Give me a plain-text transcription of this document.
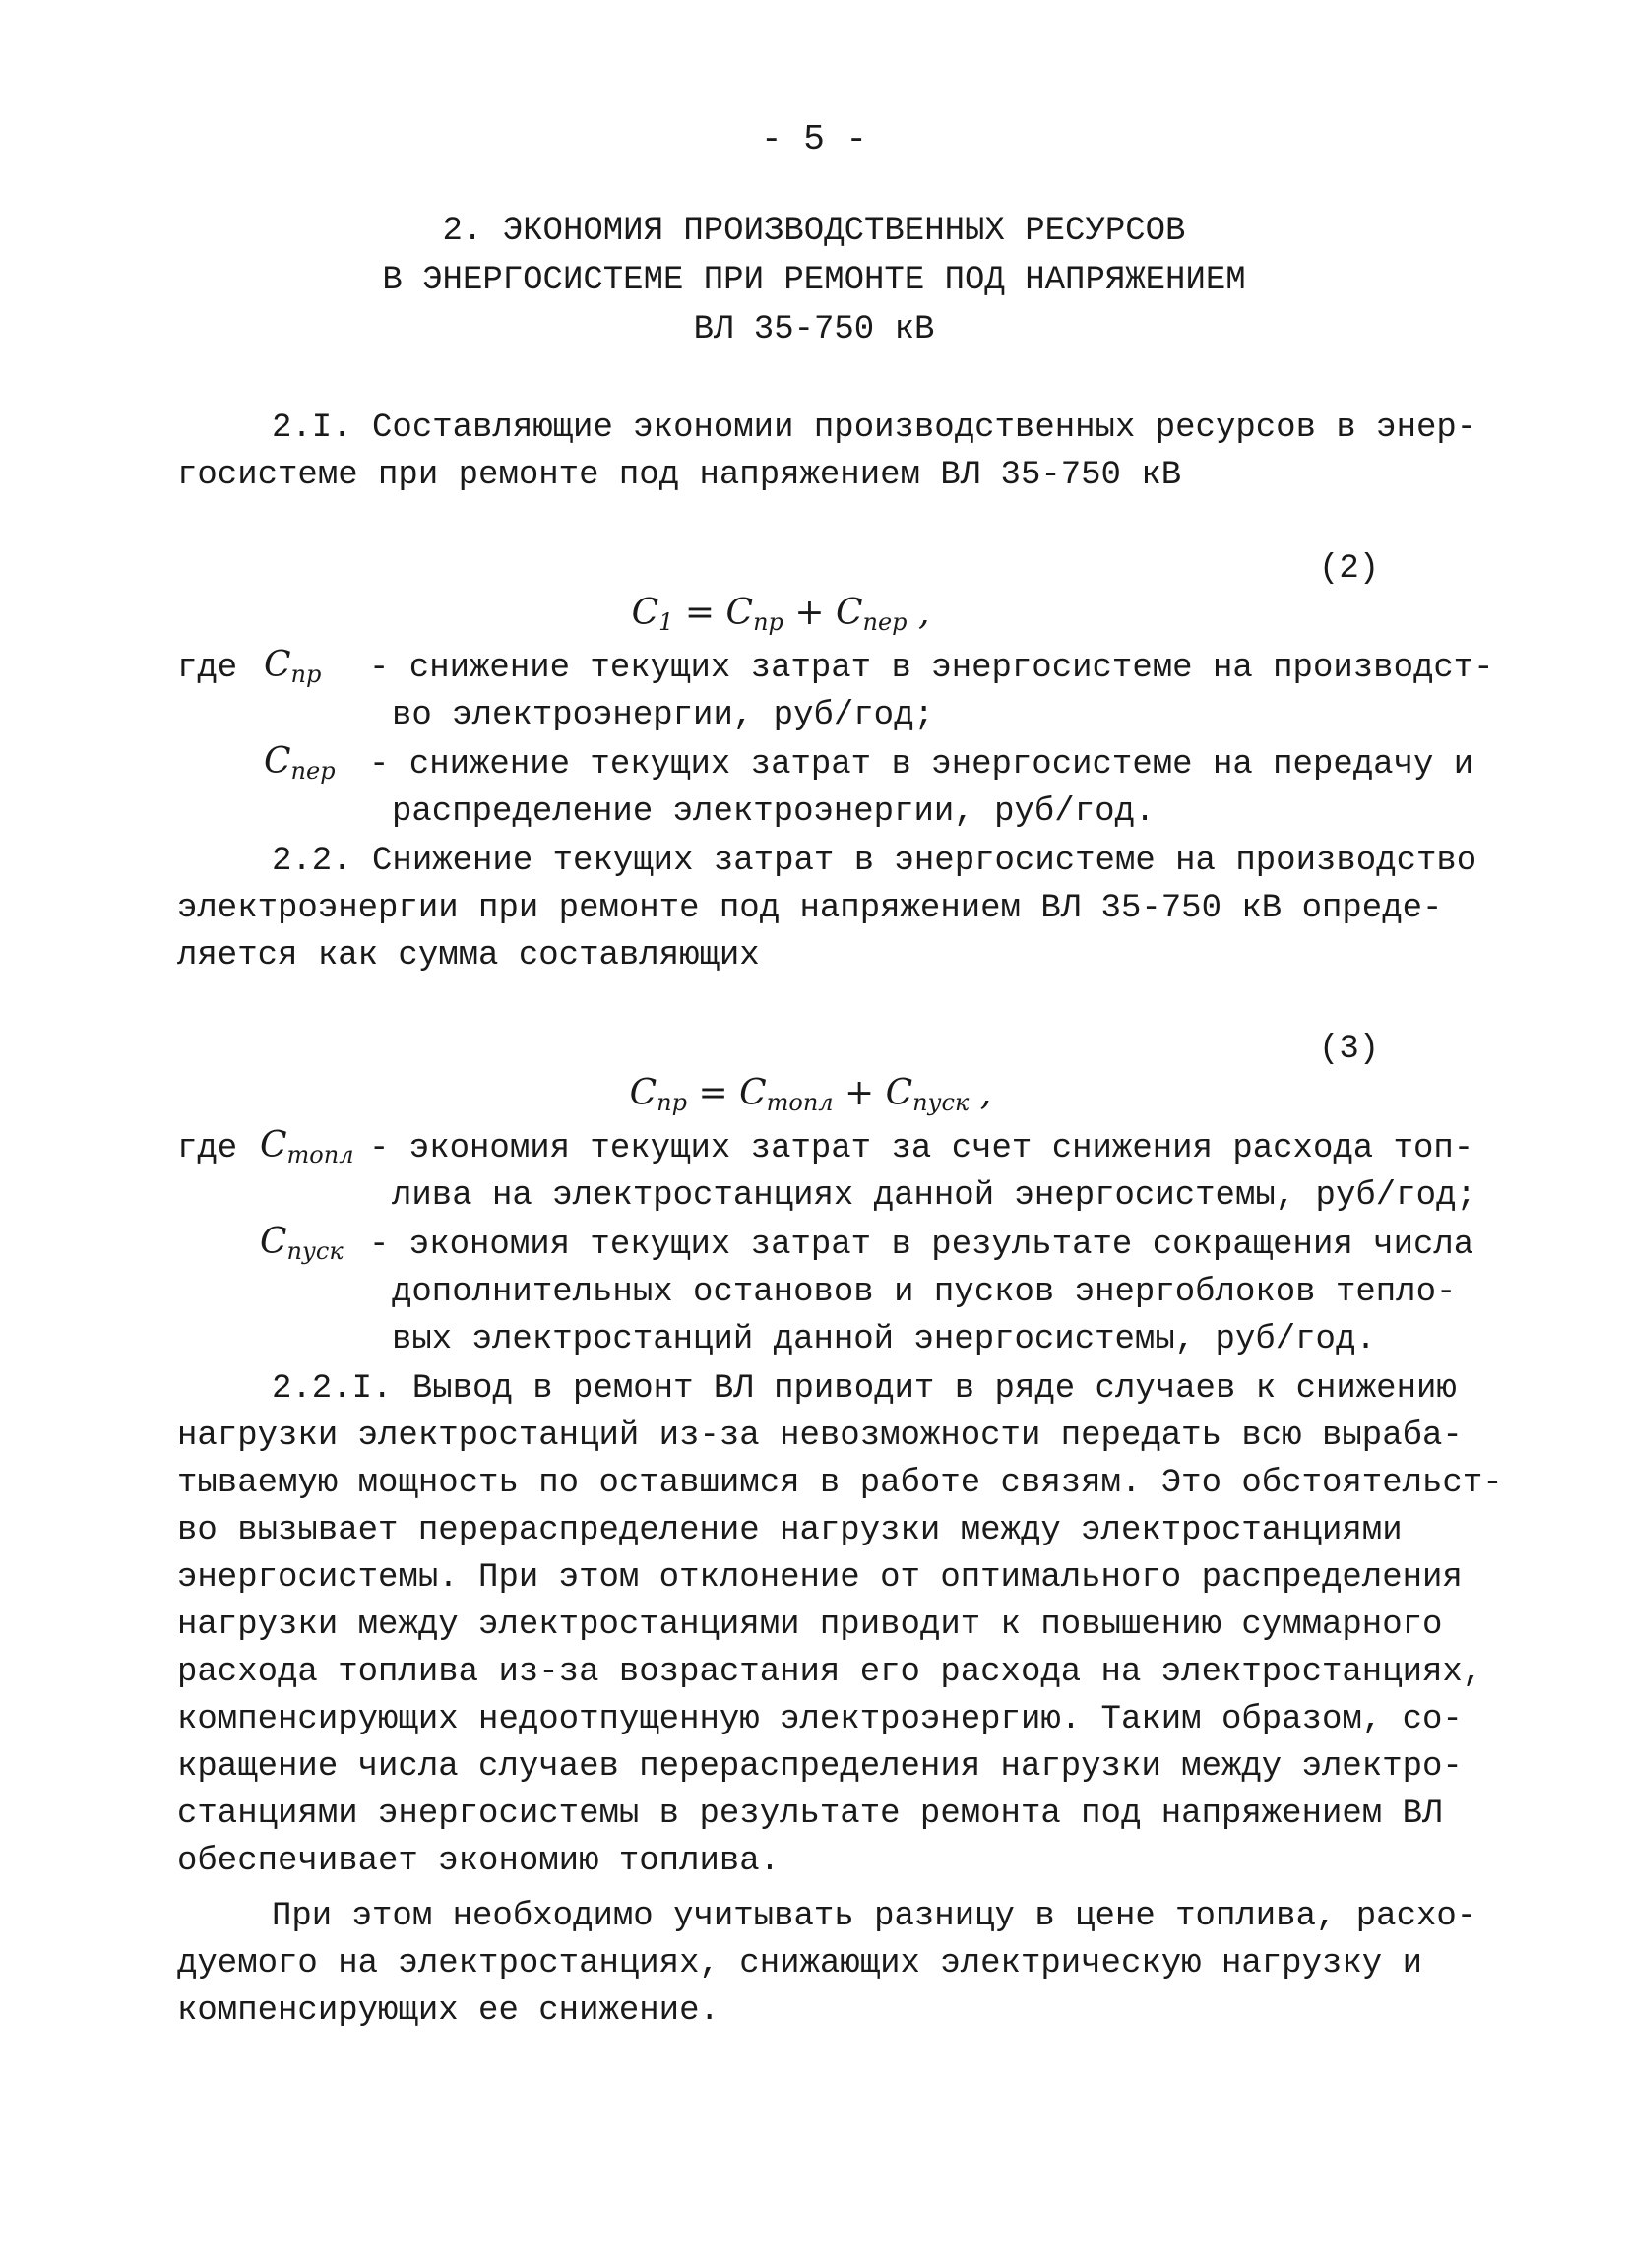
- 5 -
2. ЭКОНОМИЯ ПРОИЗВОДСТВЕННЫХ РЕСУРСОВ
В ЭНЕРГОСИСТЕМЕ ПРИ РЕМОНТЕ ПОД НАПРЯЖЕНИЕМ
ВЛ 35-750 кВ
2.I. Составляющие экономии производственных ресурсов в энер-
госистеме при ремонте под напряжением ВЛ 35-750 кВ

C1 = Cпр + Cпер ,

(2)
где Cпр - снижение текущих затрат в энергосистеме на производст-
во электроэнергии, руб/год;
Cпер - снижение текущих затрат в энергосистеме на передачу и
распределение электроэнергии, руб/год.
2.2. Снижение текущих затрат в энергосистеме на производство
электроэнергии при ремонте под напряжением ВЛ 35-750 кВ опреде-
ляется как сумма составляющих

Cпр = Cтопл + Cпуск ,

(3)
где Cтопл - экономия текущих затрат за счет снижения расхода топ-
лива на электростанциях данной энергосистемы, руб/год;
Cпуск - экономия текущих затрат в результате сокращения числа
дополнительных остановов и пусков энергоблоков тепло-
вых электростанций данной энергосистемы, руб/год.
2.2.I. Вывод в ремонт ВЛ приводит в ряде случаев к снижению
нагрузки электростанций из-за невозможности передать всю выраба-
тываемую мощность по оставшимся в работе связям. Это обстоятельст-
во вызывает перераспределение нагрузки между электростанциями
энергосистемы. При этом отклонение от оптимального распределения
нагрузки между электростанциями приводит к повышению суммарного
расхода топлива из-за возрастания его расхода на электростанциях,
компенсирующих недоотпущенную электроэнергию. Таким образом, со-
кращение числа случаев перераспределения нагрузки между электро-
станциями энергосистемы в результате ремонта под напряжением ВЛ
обеспечивает экономию топлива.
При этом необходимо учитывать разницу в цене топлива, расхо-
дуемого на электростанциях, снижающих электрическую нагрузку и
компенсирующих ее снижение.
